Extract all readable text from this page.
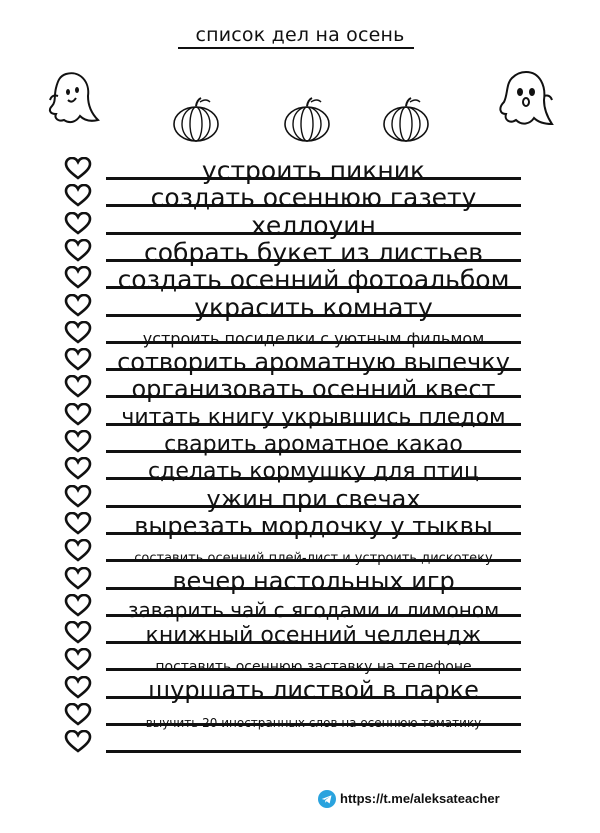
список дел на осень
устроить пикник
создать осеннюю газету
хеллоуин
собрать букет из листьев
создать осенний фотоальбом
украсить комнату
устроить посиделки с уютным фильмом
сотворить ароматную выпечку
организовать осенний квест
читать книгу укрывшись пледом
сварить ароматное какао
сделать кормушку для птиц
ужин при свечах
вырезать мордочку у тыквы
составить осенний плей-лист и устроить дискотеку
вечер настольных игр
заварить чай с ягодами и лимоном
книжный осенний челлендж
поставить осеннюю заставку на телефоне
шуршать листвой в парке
выучить 20 иностранных слов на осеннюю тематику
https://t.me/aleksateacher
